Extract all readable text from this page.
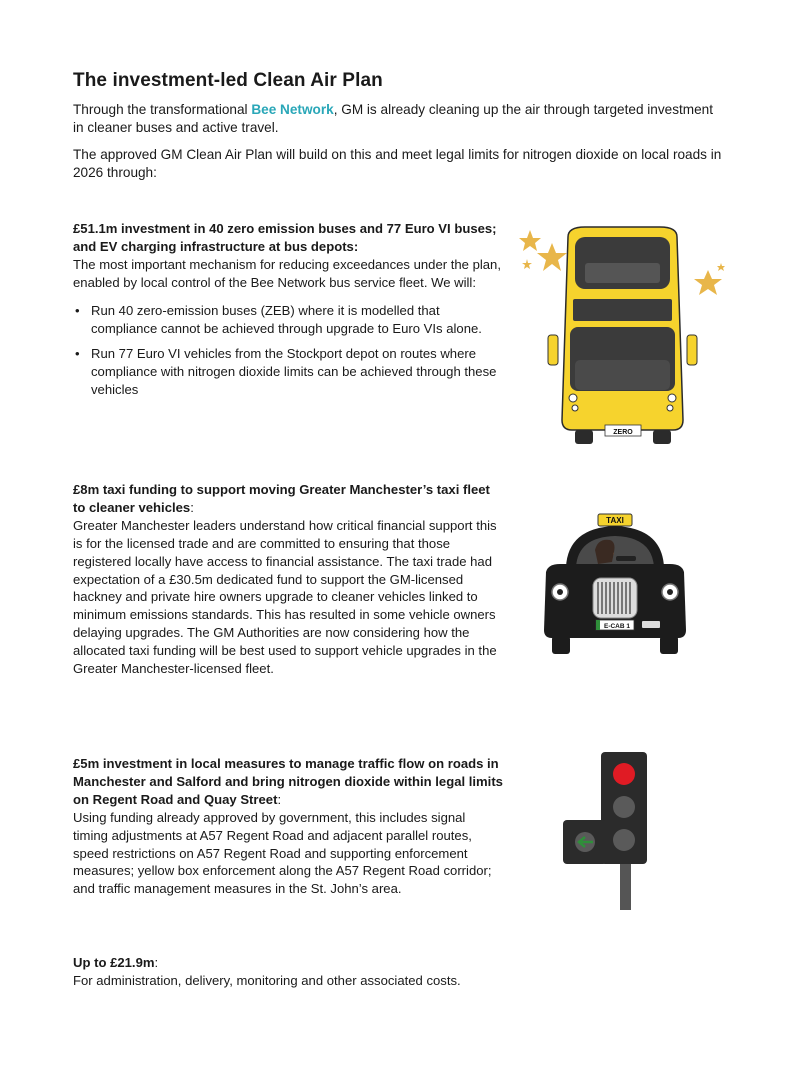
The investment-led Clean Air Plan

Through the transformational Bee Network, GM is already cleaning up the air through targeted investment in cleaner buses and active travel.

The approved GM Clean Air Plan will build on this and meet legal limits for nitrogen dioxide on local roads in 2026 through:

£51.1m investment in 40 zero emission buses and 77 Euro VI buses; and EV charging infrastructure at bus depots:
The most important mechanism for reducing exceedances under the plan, enabled by local control of the Bee Network bus service fleet. We will:
• Run 40 zero-emission buses (ZEB) where it is modelled that compliance cannot be achieved through upgrade to Euro VIs alone.
• Run 77 Euro VI vehicles from the Stockport depot on routes where compliance with nitrogen dioxide limits can be achieved through these vehicles
ZERO
£8m taxi funding to support moving Greater Manchester’s taxi fleet to cleaner vehicles:
Greater Manchester leaders understand how critical financial support this is for the licensed trade and are committed to ensuring that those registered locally have access to financial assistance. The taxi trade had expectation of a £30.5m dedicated fund to support the GM-licensed hackney and private hire owners upgrade to cleaner vehicles linked to minimum emissions standards. This has resulted in some vehicle owners delaying upgrades. The GM Authorities are now considering how the allocated taxi funding will be best used to support vehicle upgrades in the Greater Manchester-licensed fleet.
TAXI
E-CAB 1
£5m investment in local measures to manage traffic flow on roads in Manchester and Salford and bring nitrogen dioxide within legal limits on Regent Road and Quay Street:
Using funding already approved by government, this includes signal timing adjustments at A57 Regent Road and adjacent parallel routes, speed restrictions on A57 Regent Road and supporting enforcement measures; yellow box enforcement along the A57 Regent Road corridor; and traffic management measures in the St. John’s area.
Up to £21.9m:
For administration, delivery, monitoring and other associated costs.
